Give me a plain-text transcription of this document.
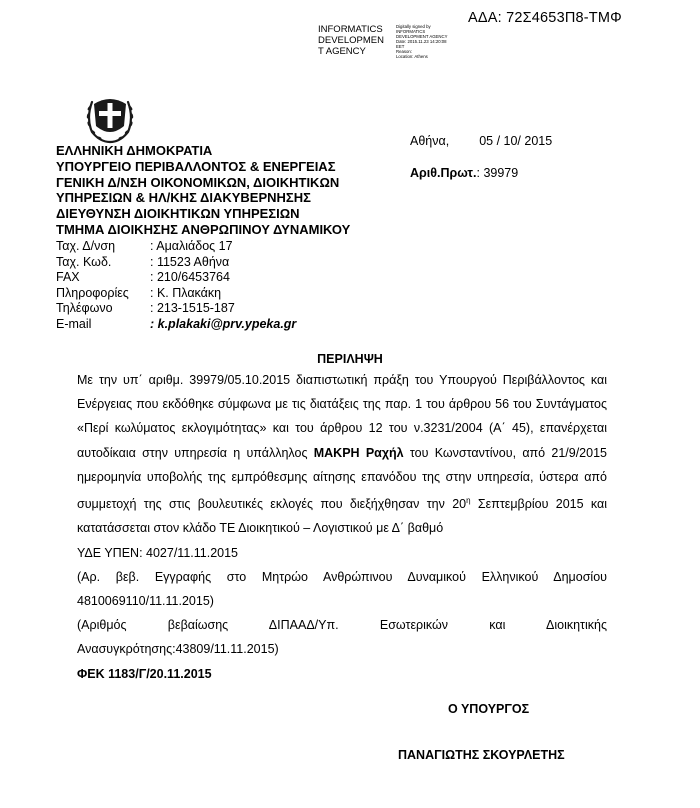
ΑΔΑ: 72Σ4653Π8-ΤΜΦ
INFORMATICS
DEVELOPMEN
T AGENCY
Digitally signed by
INFORMATICS
DEVELOPMENT AGENCY
Date: 2015.11.23 14:20:08
EET
Reason:
Location: Athens
ΕΛΛΗΝΙΚΗ ΔΗΜΟΚΡΑΤΙΑ
ΥΠΟΥΡΓΕΙΟ ΠΕΡΙΒΑΛΛΟΝΤΟΣ & ΕΝΕΡΓΕΙΑΣ
ΓΕΝΙΚΗ Δ/ΝΣΗ ΟΙΚΟΝΟΜΙΚΩΝ, ΔΙΟΙΚΗΤΙΚΩΝ
ΥΠΗΡΕΣΙΩΝ & ΗΛ/ΚΗΣ ΔΙΑΚΥΒΕΡΝΗΣΗΣ
ΔΙΕΥΘΥΝΣΗ ΔΙΟΙΚΗΤΙΚΩΝ ΥΠΗΡΕΣΙΩΝ
ΤΜΗΜΑ ΔΙΟΙΚΗΣΗΣ ΑΝΘΡΩΠΙΝΟΥ ΔΥΝΑΜΙΚΟΥ
Ταχ. Δ/νση	: Αμαλιάδος 17
Ταχ. Κωδ.	: 11523 Αθήνα
FAX	: 210/6453764
Πληροφορίες	: Κ. Πλακάκη
Τηλέφωνο	: 213-1515-187
E-mail	: k.plakaki@prv.ypeka.gr
Αθήνα, 05 / 10/ 2015
Αριθ.Πρωτ.: 39979
ΠΕΡΙΛΗΨΗ
Με την υπ΄ αριθμ. 39979/05.10.2015 διαπιστωτική πράξη του Υπουργού Περιβάλλοντος και Ενέργειας που εκδόθηκε σύμφωνα με τις διατάξεις της παρ. 1 του άρθρου 56 του Συντάγματος «Περί κωλύματος εκλογιμότητας» και του άρθρου 12 του ν.3231/2004 (Α΄ 45), επανέρχεται αυτοδίκαια στην υπηρεσία η υπάλληλος ΜΑΚΡΗ Ραχήλ του Κωνσταντίνου, από 21/9/2015 ημερομηνία υποβολής της εμπρόθεσμης αίτησης επανόδου της στην υπηρεσία, ύστερα από συμμετοχή της στις βουλευτικές εκλογές που διεξήχθησαν την $20^\eta$ Σεπτεμβρίου 2015 και κατατάσσεται στον κλάδο ΤΕ Διοικητικού – Λογιστικού με Δ΄ βαθμό
ΥΔΕ ΥΠΕΝ: 4027/11.11.2015
(Αρ. βεβ. Εγγραφής στο Μητρώο Ανθρώπινου Δυναμικού Ελληνικού Δημοσίου 4810069110/11.11.2015)
(Αριθμός βεβαίωσης ΔΙΠΑΑΔ/Υπ. Εσωτερικών και Διοικητικής Ανασυγκρότησης:43809/11.11.2015)
ΦΕΚ 1183/Γ/20.11.2015
Ο ΥΠΟΥΡΓΟΣ
ΠΑΝΑΓΙΩΤΗΣ ΣΚΟΥΡΛΕΤΗΣ
